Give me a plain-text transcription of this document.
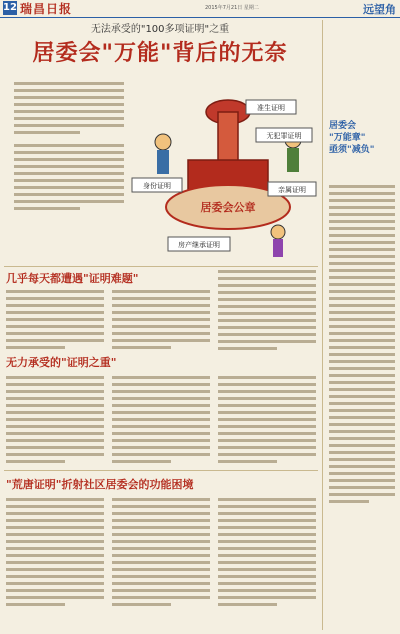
12 瑞昌日报	2015年7月21日 星期二	远望角
无法承受的"100多项证明"之重
居委会"万能"背后的无奈
居委会公章
准生证明
无犯罪证明
身份证明	亲属证明
房产继承证明
几乎每天都遭遇"证明难题"
无力承受的"证明之重"
"荒唐证明"折射社区居委会的功能困境
居委会
"万能章"
亟须"减负"
